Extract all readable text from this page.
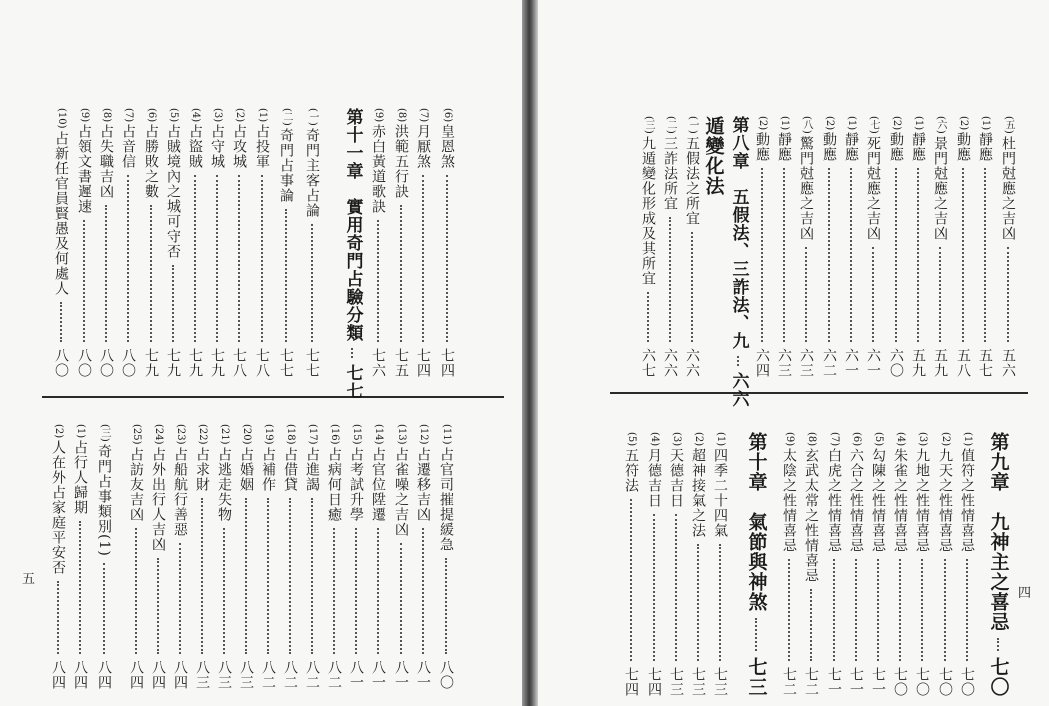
(6)
皇恩煞
七四
(7)
月厭煞
七四
(8)
洪範五行訣
七五
(9)
赤白黃道歌訣
七六
第十一章　實用奇門占驗分類
七七
(一)
奇門主客占論
七七
(二)
奇門占事論
七七
(1)
占投軍
七八
(2)
占攻城
七八
(3)
占守城
七九
(4)
占盜賊
七九
(5)
占賊境內之城可守否
七九
(6)
占勝敗之數
七九
(7)
占音信
八〇
(8)
占失職吉凶
八〇
(9)
占領文書遲速
八〇
(10)
占新任官員賢愚及何處人
八〇
(11)
占官司摧提緩急
八〇
(12)
占遷移吉凶
八一
(13)
占雀噪之吉凶
八一
(14)
占官位陞遷
八一
(15)
占考試升學
八一
(16)
占病何日癒
八二
(17)
占進謁
八二
(18)
占借貸
八二
(19)
占補作
八二
(20)
占婚姻
八三
(21)
占逃走失物
八三
(22)
占求財
八三
(23)
占船航行善惡
八四
(24)
占外出行人吉凶
八四
(25)
占訪友吉凶
八四
(三)
奇門占事類別(1)
八四
(1)
占行人歸期
八四
(2)
人在外占家庭平安否
八四
(五)
杜門尅應之吉凶
五六
(1)
靜應
五七
(2)
動應
五八
(六)
景門尅應之吉凶
五九
(1)
靜應
五九
(2)
動應
六〇
(七)
死門尅應之吉凶
六一
(1)
靜應
六一
(2)
動應
六二
(八)
驚門尅應之吉凶
六三
(1)
靜應
六三
(2)
動應
六四
第八章　五假法、三詐法、九
六六
遁變化法
(一)
五假法之所宜
六六
(二)
三詐法所宜
六六
(三)
九遁變化形成及其所宜
六七
第九章　九神主之喜忌
七〇
(1)
值符之性情喜忌
七〇
(2)
九天之性情喜忌
七〇
(3)
九地之性情喜忌
七〇
(4)
朱雀之性情喜忌
七〇
(5)
勾陳之性情喜忌
七一
(6)
六合之性情喜忌
七一
(7)
白虎之性情喜忌
七一
(8)
玄武太常之性情喜忌
七二
(9)
太陰之性情喜忌
七二
第十章　氣節與神煞
七三
(1)
四季二十四氣
七三
(2)
超神接氣之法
七三
(3)
天德吉日
七三
(4)
月德吉日
七四
(5)
五符法
七四
五
四
